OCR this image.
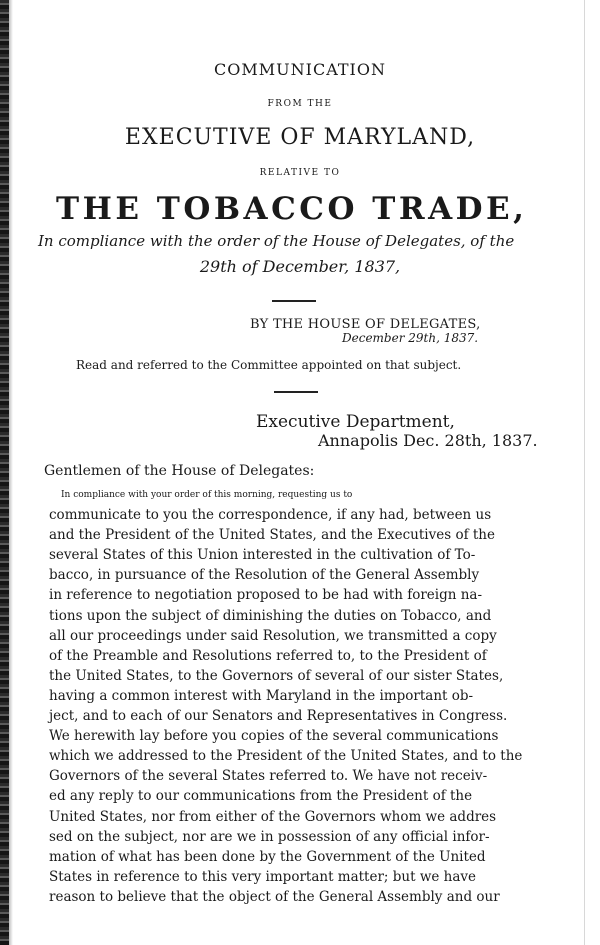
COMMUNICATION
FROM THE
EXECUTIVE OF MARYLAND,
RELATIVE TO
THE TOBACCO TRADE,
In compliance with the order of the House of Delegates, of the
29th of December, 1837,
BY THE HOUSE OF DELEGATES,
December 29th, 1837.
Read and referred to the Committee appointed on that subject.
Executive Department,
Annapolis Dec. 28th, 1837.
Gentlemen of the House of Delegates:
In compliance with your order of this morning, requesting us to
communicate to you the correspondence, if any had, between us
and the President of the United States, and the Executives of the
several States of this Union interested in the cultivation of To-
bacco, in pursuance of the Resolution of the General Assembly
in reference to negotiation proposed to be had with foreign na-
tions upon the subject of diminishing the duties on Tobacco, and
all our proceedings under said Resolution, we transmitted a copy
of the Preamble and Resolutions referred to, to the President of
the United States, to the Governors of several of our sister States,
having a common interest with Maryland in the important ob-
ject, and to each of our Senators and Representatives in Congress.
We herewith lay before you copies of the several communications
which we addressed to the President of the United States, and to the
Governors of the several States referred to. We have not receiv-
ed any reply to our communications from the President of the
United States, nor from either of the Governors whom we addres
sed on the subject, nor are we in possession of any official infor-
mation of what has been done by the Government of the United
States in reference to this very important matter; but we have
reason to believe that the object of the General Assembly and our
